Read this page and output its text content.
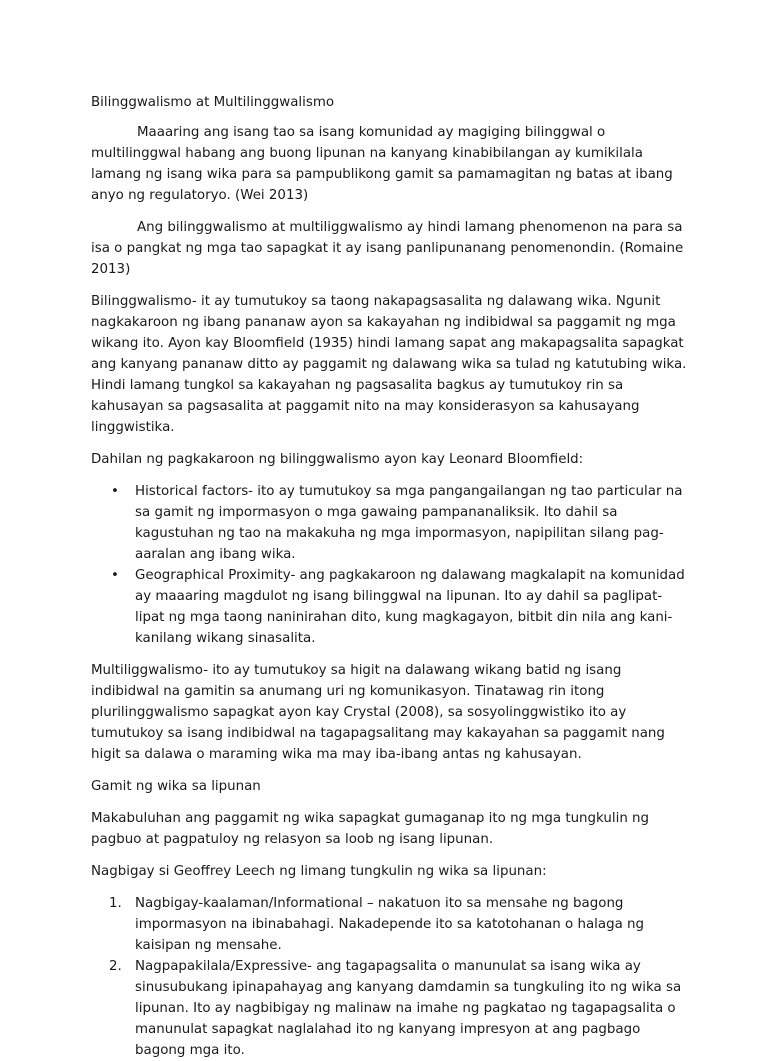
Bilinggwalismo at Multilinggwalismo

Maaaring ang isang tao sa isang komunidad ay magiging bilinggwal o multilinggwal habang ang buong lipunan na kanyang kinabibilangan ay kumikilala lamang ng isang wika para sa pampublikong gamit sa pamamagitan ng batas at ibang anyo ng regulatoryo. (Wei 2013)

Ang bilinggwalismo at multiliggwalismo ay hindi lamang phenomenon na para sa isa o pangkat ng mga tao sapagkat it ay isang panlipunanang penomenondin. (Romaine 2013)

Bilinggwalismo- it ay tumutukoy sa taong nakapagsasalita ng dalawang wika. Ngunit nagkakaroon ng ibang pananaw ayon sa kakayahan ng indibidwal sa paggamit ng mga wikang ito. Ayon kay Bloomfield (1935) hindi lamang sapat ang makapagsalita sapagkat ang kanyang pananaw ditto ay paggamit ng dalawang wika sa tulad ng katutubing wika. Hindi lamang tungkol sa kakayahan ng pagsasalita bagkus ay tumutukoy rin sa kahusayan sa pagsasalita at paggamit nito na may konsiderasyon sa kahusayang linggwistika.

Dahilan ng pagkakaroon ng bilinggwalismo ayon kay Leonard Bloomfield:

• Historical factors- ito ay tumutukoy sa mga pangangailangan ng tao particular na sa gamit ng impormasyon o mga gawaing pampananaliksik. Ito dahil sa kagustuhan ng tao na makakuha ng mga impormasyon, napipilitan silang pag-aaralan ang ibang wika.
• Geographical Proximity- ang pagkakaroon ng dalawang magkalapit na komunidad ay maaaring magdulot ng isang bilinggwal na lipunan. Ito ay dahil sa paglipat-lipat ng mga taong naninirahan dito, kung magkagayon, bitbit din nila ang kani-kanilang wikang sinasalita.

Multiliggwalismo- ito ay tumutukoy sa higit na dalawang wikang batid ng isang indibidwal na gamitin sa anumang uri ng komunikasyon. Tinatawag rin itong plurilinggwalismo sapagkat ayon kay Crystal (2008), sa sosyolinggwistiko ito ay tumutukoy sa isang indibidwal na tagapagsalitang may kakayahan sa paggamit nang higit sa dalawa o maraming wika ma may iba-ibang antas ng kahusayan.

Gamit ng wika sa lipunan

Makabuluhan ang paggamit ng wika sapagkat gumaganap ito ng mga tungkulin ng pagbuo at pagpatuloy ng relasyon sa loob ng isang lipunan.

Nagbigay si Geoffrey Leech ng limang tungkulin ng wika sa lipunan:

1. Nagbigay-kaalaman/Informational – nakatuon ito sa mensahe ng bagong impormasyon na ibinabahagi. Nakadepende ito sa katotohanan o halaga ng kaisipan ng mensahe.
2. Nagpapakilala/Expressive- ang tagapagsalita o manunulat sa isang wika ay sinusubukang ipinapahayag ang kanyang damdamin sa tungkuling ito ng wika sa lipunan. Ito ay nagbibigay ng malinaw na imahe ng pagkatao ng tagapagsalita o manunulat sapagkat naglalahad ito ng kanyang impresyon at ang pagbago bagong mga ito.
